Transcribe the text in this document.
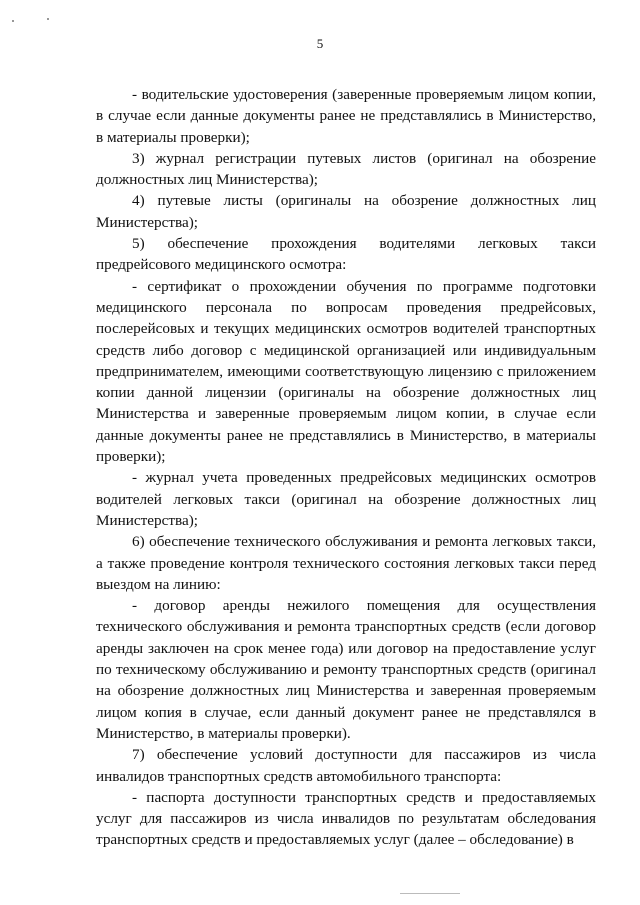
5

- водительские удостоверения (заверенные проверяемым лицом копии, в случае если данные документы ранее не представлялись в Министерство, в материалы проверки);

3) журнал регистрации путевых листов (оригинал на обозрение должностных лиц Министерства);

4) путевые листы (оригиналы на обозрение должностных лиц Министерства);

5) обеспечение прохождения водителями легковых такси предрейсового медицинского осмотра:

- сертификат о прохождении обучения по программе подготовки медицинского персонала по вопросам проведения предрейсовых, послерейсовых и текущих медицинских осмотров водителей транспортных средств либо договор с медицинской организацией или индивидуальным предпринимателем, имеющими соответствующую лицензию с приложением копии данной лицензии (оригиналы на обозрение должностных лиц Министерства и заверенные проверяемым лицом копии, в случае если данные документы ранее не представлялись в Министерство, в материалы проверки);

- журнал учета проведенных предрейсовых медицинских осмотров водителей легковых такси (оригинал на обозрение должностных лиц Министерства);

6) обеспечение технического обслуживания и ремонта легковых такси, а также проведение контроля технического состояния легковых такси перед выездом на линию:

- договор аренды нежилого помещения для осуществления технического обслуживания и ремонта транспортных средств (если договор аренды заключен на срок менее года) или договор на предоставление услуг по техническому обслуживанию и ремонту транспортных средств (оригинал на обозрение должностных лиц Министерства и заверенная проверяемым лицом копия в случае, если данный документ ранее не представлялся в Министерство, в материалы проверки).

7) обеспечение условий доступности для пассажиров из числа инвалидов транспортных средств автомобильного транспорта:

- паспорта доступности транспортных средств и предоставляемых услуг для пассажиров из числа инвалидов по результатам обследования транспортных средств и предоставляемых услуг (далее – обследование) в
